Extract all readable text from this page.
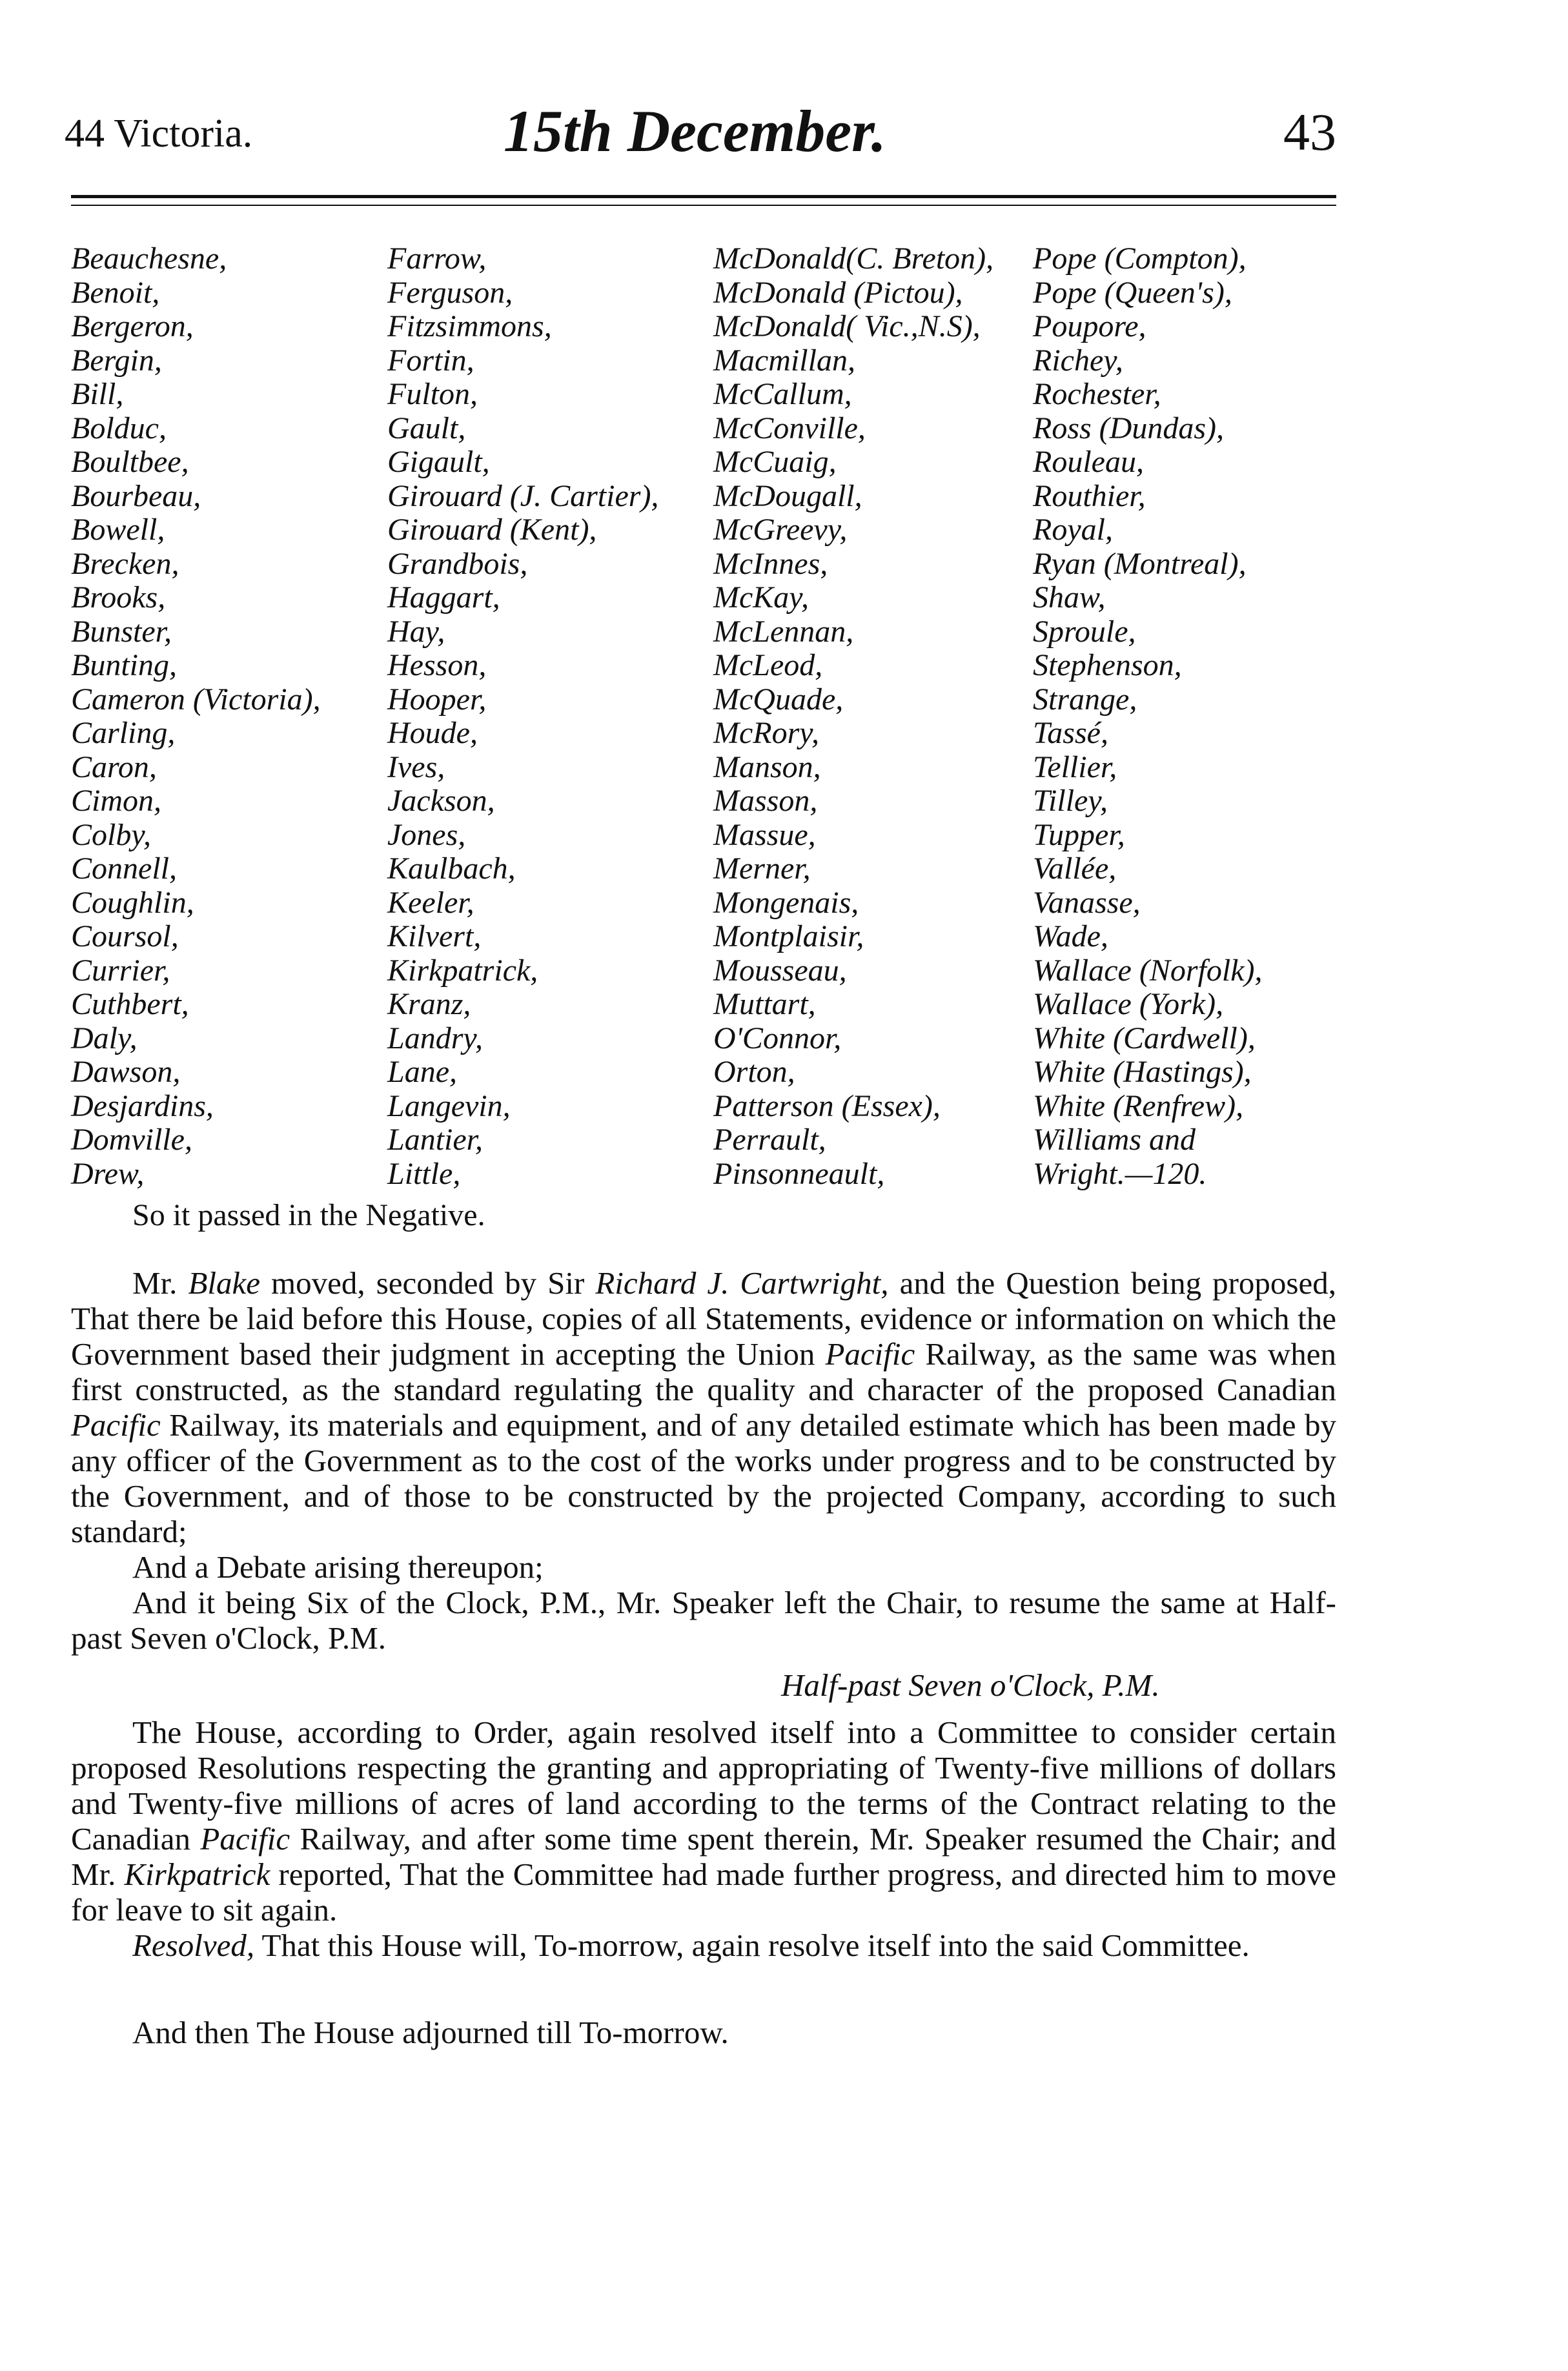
44 Victoria.	15th December.	43
Beauchesne,
Benoit,
Bergeron,
Bergin,
Bill,
Bolduc,
Boultbee,
Bourbeau,
Bowell,
Brecken,
Brooks,
Bunster,
Bunting,
Cameron (Victoria),
Carling,
Caron,
Cimon,
Colby,
Connell,
Coughlin,
Coursol,
Currier,
Cuthbert,
Daly,
Dawson,
Desjardins,
Domville,
Drew,
Farrow,
Ferguson,
Fitzsimmons,
Fortin,
Fulton,
Gault,
Gigault,
Girouard (J. Cartier),
Girouard (Kent),
Grandbois,
Haggart,
Hay,
Hesson,
Hooper,
Houde,
Ives,
Jackson,
Jones,
Kaulbach,
Keeler,
Kilvert,
Kirkpatrick,
Kranz,
Landry,
Lane,
Langevin,
Lantier,
Little,
McDonald(C. Breton),
McDonald (Pictou),
McDonald( Vic.,N.S),
Macmillan,
McCallum,
McConville,
McCuaig,
McDougall,
McGreevy,
McInnes,
McKay,
McLennan,
McLeod,
McQuade,
McRory,
Manson,
Masson,
Massue,
Merner,
Mongenais,
Montplaisir,
Mousseau,
Muttart,
O'Connor,
Orton,
Patterson (Essex),
Perrault,
Pinsonneault,
Pope (Compton),
Pope (Queen's),
Poupore,
Richey,
Rochester,
Ross (Dundas),
Rouleau,
Routhier,
Royal,
Ryan (Montreal),
Shaw,
Sproule,
Stephenson,
Strange,
Tassé,
Tellier,
Tilley,
Tupper,
Vallée,
Vanasse,
Wade,
Wallace (Norfolk),
Wallace (York),
White (Cardwell),
White (Hastings),
White (Renfrew),
Williams and
Wright.—120.
So it passed in the Negative.

Mr. Blake moved, seconded by Sir Richard J. Cartwright, and the Question being proposed, That there be laid before this House, copies of all Statements, evidence or information on which the Government based their judgment in accepting the Union Pacific Railway, as the same was when first constructed, as the standard regulating the quality and character of the proposed Canadian Pacific Railway, its materials and equipment, and of any detailed estimate which has been made by any officer of the Government as to the cost of the works under progress and to be constructed by the Government, and of those to be constructed by the projected Company, according to such standard;

And a Debate arising thereupon;

And it being Six of the Clock, P.M., Mr. Speaker left the Chair, to resume the same at Half-past Seven o'Clock, P.M.

Half-past Seven o'Clock, P.M.

The House, according to Order, again resolved itself into a Committee to consider certain proposed Resolutions respecting the granting and appropriating of Twenty-five millions of dollars and Twenty-five millions of acres of land according to the terms of the Contract relating to the Canadian Pacific Railway, and after some time spent therein, Mr. Speaker resumed the Chair; and Mr. Kirkpatrick reported, That the Committee had made further progress, and directed him to move for leave to sit again.

Resolved, That this House will, To-morrow, again resolve itself into the said Committee.

And then The House adjourned till To-morrow.
